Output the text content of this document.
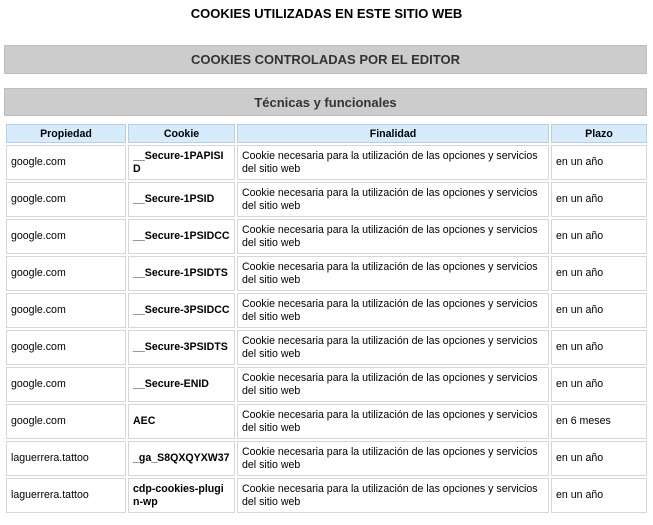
COOKIES UTILIZADAS EN ESTE SITIO WEB
COOKIES CONTROLADAS POR EL EDITOR
Técnicas y funcionales
Propiedad	Cookie	Finalidad	Plazo
google.com	__Secure-1PAPISID	Cookie necesaria para la utilización de las opciones y servicios del sitio web	en un año
google.com	__Secure-1PSID	Cookie necesaria para la utilización de las opciones y servicios del sitio web	en un año
google.com	__Secure-1PSIDCC	Cookie necesaria para la utilización de las opciones y servicios del sitio web	en un año
google.com	__Secure-1PSIDTS	Cookie necesaria para la utilización de las opciones y servicios del sitio web	en un año
google.com	__Secure-3PSIDCC	Cookie necesaria para la utilización de las opciones y servicios del sitio web	en un año
google.com	__Secure-3PSIDTS	Cookie necesaria para la utilización de las opciones y servicios del sitio web	en un año
google.com	__Secure-ENID	Cookie necesaria para la utilización de las opciones y servicios del sitio web	en un año
google.com	AEC	Cookie necesaria para la utilización de las opciones y servicios del sitio web	en 6 meses
laguerrera.tattoo	_ga_S8QXQYXW37	Cookie necesaria para la utilización de las opciones y servicios del sitio web	en un año
laguerrera.tattoo	cdp-cookies-plugin-wp	Cookie necesaria para la utilización de las opciones y servicios del sitio web	en un año
